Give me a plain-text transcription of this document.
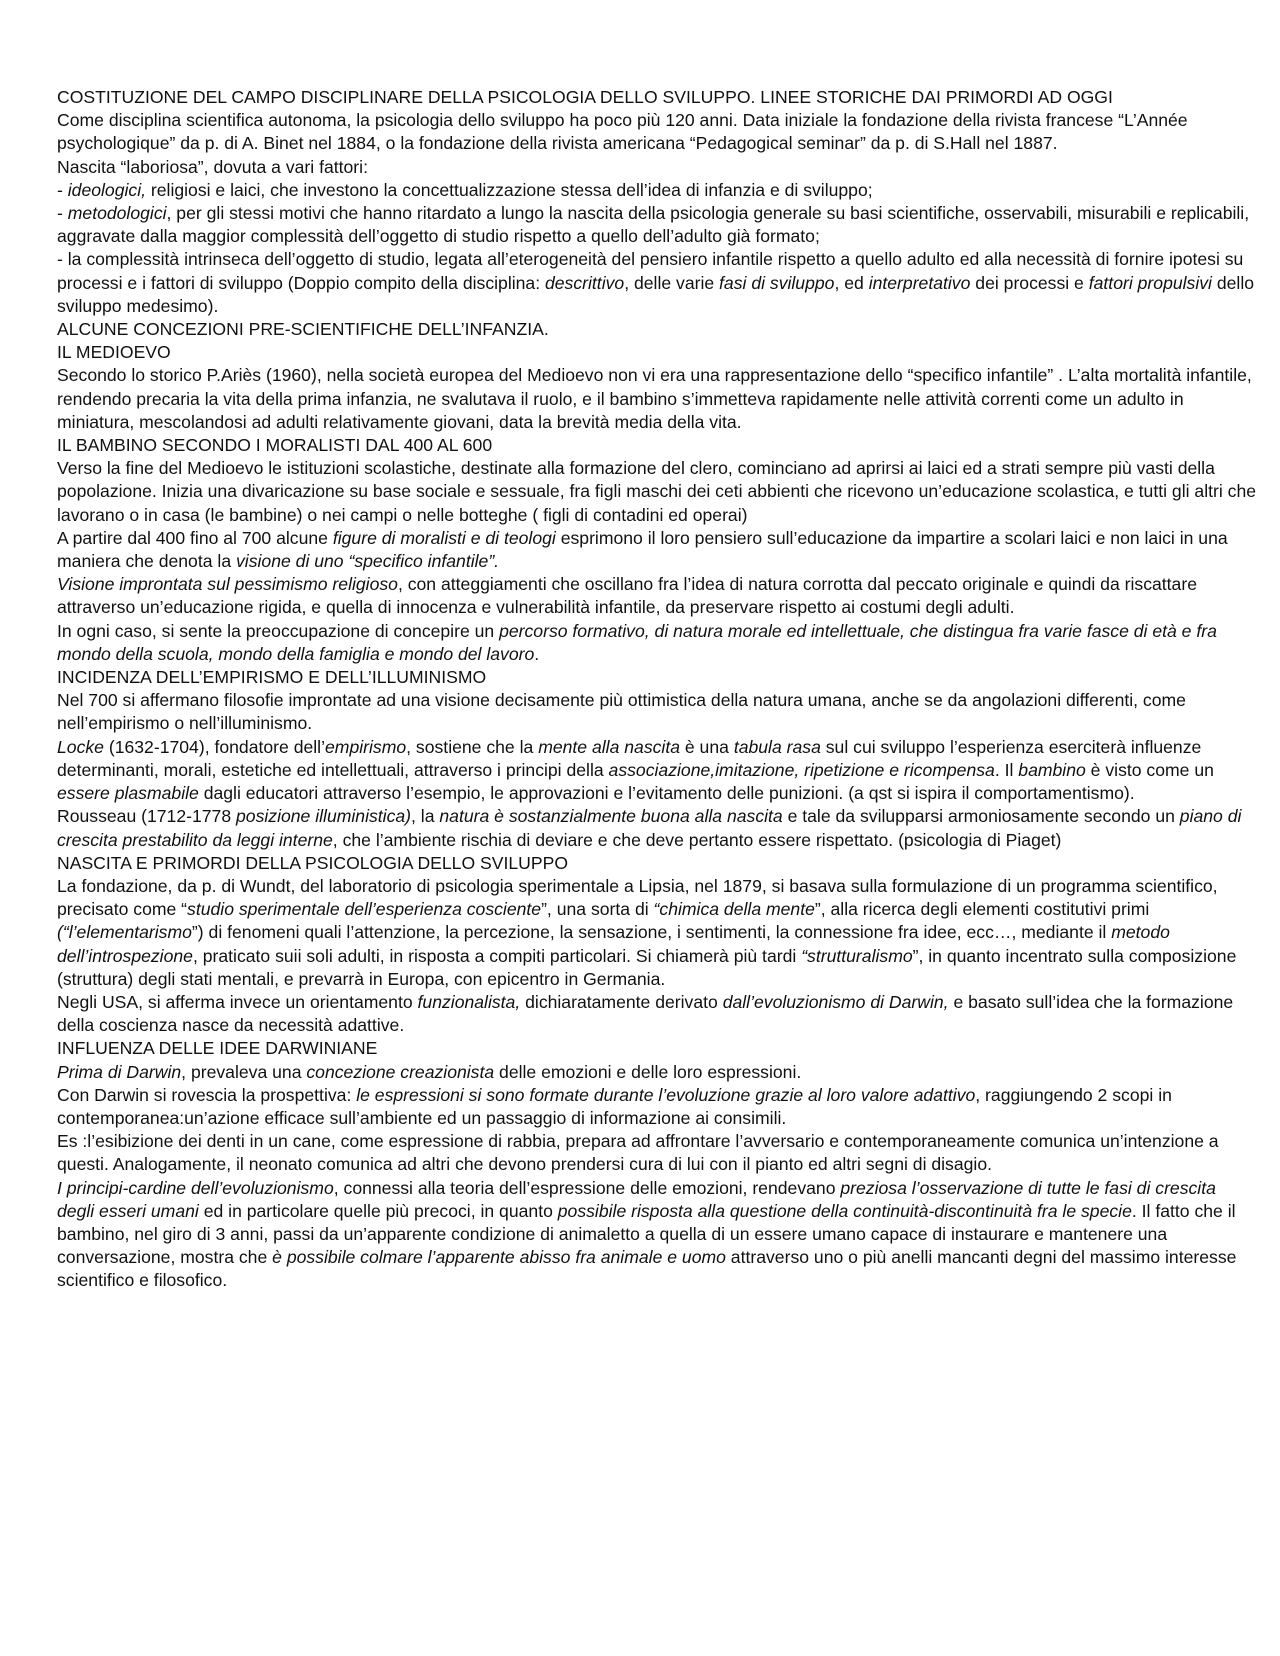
COSTITUZIONE DEL CAMPO DISCIPLINARE DELLA PSICOLOGIA DELLO SVILUPPO. LINEE STORICHE DAI PRIMORDI AD OGGI

Come disciplina scientifica autonoma, la psicologia dello sviluppo ha poco più 120 anni. Data iniziale la fondazione della rivista francese “L’Année psychologique” da p. di A. Binet nel 1884, o la fondazione della rivista americana “Pedagogical seminar” da p. di S.Hall nel 1887.

Nascita “laboriosa”, dovuta a vari fattori:

- ideologici, religiosi e laici, che investono la concettualizzazione stessa dell’idea di infanzia e di sviluppo;

- metodologici, per gli stessi motivi che hanno ritardato a lungo la nascita della psicologia generale su basi scientifiche, osservabili, misurabili e replicabili, aggravate dalla maggior complessità dell’oggetto di studio rispetto a quello dell’adulto già formato;

- la complessità intrinseca dell’oggetto di studio, legata all’eterogeneità del pensiero infantile rispetto a quello adulto ed alla necessità di fornire ipotesi su processi e i fattori di sviluppo (Doppio compito della disciplina: descrittivo, delle varie fasi di sviluppo, ed interpretativo dei processi e fattori propulsivi dello sviluppo medesimo).

ALCUNE CONCEZIONI PRE-SCIENTIFICHE DELL’INFANZIA.

IL MEDIOEVO

Secondo lo storico P.Ariès (1960), nella società europea del Medioevo non vi era una rappresentazione dello “specifico infantile” . L’alta mortalità infantile, rendendo precaria la vita della prima infanzia, ne svalutava il ruolo, e il bambino s’immetteva rapidamente nelle attività correnti come un adulto in miniatura, mescolandosi ad adulti relativamente giovani, data la brevità media della vita.

IL BAMBINO SECONDO I MORALISTI DAL 400 AL 600

Verso la fine del Medioevo le istituzioni scolastiche, destinate alla formazione del clero, cominciano ad aprirsi ai laici ed a strati sempre più vasti della popolazione. Inizia una divaricazione su base sociale e sessuale, fra figli maschi dei ceti abbienti che ricevono un’educazione scolastica, e tutti gli altri che lavorano o in casa (le bambine) o nei campi o nelle botteghe ( figli di contadini ed operai)

A partire dal 400 fino al 700 alcune figure di moralisti e di teologi esprimono il loro pensiero sull’educazione da impartire a scolari laici e non laici in una maniera che denota la visione di uno “specifico infantile”.

Visione improntata sul pessimismo religioso, con atteggiamenti che oscillano fra l’idea di natura corrotta dal peccato originale e quindi da riscattare attraverso un’educazione rigida, e quella di innocenza e vulnerabilità infantile, da preservare rispetto ai costumi degli adulti.

In ogni caso, si sente la preoccupazione di concepire un percorso formativo, di natura morale ed intellettuale, che distingua fra varie fasce di età e fra mondo della scuola, mondo della famiglia e mondo del lavoro.

INCIDENZA DELL’EMPIRISMO E DELL’ILLUMINISMO

Nel 700 si affermano filosofie improntate ad una visione decisamente più ottimistica della natura umana, anche se da angolazioni differenti, come nell’empirismo o nell’illuminismo.

Locke (1632-1704), fondatore dell’empirismo, sostiene che la mente alla nascita è una tabula rasa sul cui sviluppo l’esperienza eserciterà influenze determinanti, morali, estetiche ed intellettuali, attraverso i principi della associazione,imitazione, ripetizione e ricompensa. Il bambino è visto come un essere plasmabile dagli educatori attraverso l’esempio, le approvazioni e l’evitamento delle punizioni. (a qst si ispira il comportamentismo).

Rousseau (1712-1778 posizione illuministica), la natura è sostanzialmente buona alla nascita e tale da svilupparsi armoniosamente secondo un piano di crescita prestabilito da leggi interne, che l’ambiente rischia di deviare e che deve pertanto essere rispettato. (psicologia di Piaget)

NASCITA E PRIMORDI DELLA PSICOLOGIA DELLO SVILUPPO

La fondazione, da p. di Wundt, del laboratorio di psicologia sperimentale a Lipsia, nel 1879, si basava sulla formulazione di un programma scientifico, precisato come “studio sperimentale dell’esperienza cosciente”, una sorta di “chimica della mente”, alla ricerca degli elementi costitutivi primi (“l’elementarismo”) di fenomeni quali l’attenzione, la percezione, la sensazione, i sentimenti, la connessione fra idee, ecc…, mediante il metodo dell’introspezione, praticato suii soli adulti, in risposta a compiti particolari. Si chiamerà più tardi “strutturalismo”, in quanto incentrato sulla composizione (struttura) degli stati mentali, e prevarrà in Europa, con epicentro in Germania.

Negli USA, si afferma invece un orientamento funzionalista, dichiaratamente derivato dall’evoluzionismo di Darwin, e basato sull’idea che la formazione della coscienza nasce da necessità adattive.

INFLUENZA DELLE IDEE DARWINIANE

Prima di Darwin, prevaleva una concezione creazionista delle emozioni e delle loro espressioni.

Con Darwin si rovescia la prospettiva: le espressioni si sono formate durante l’evoluzione grazie al loro valore adattivo, raggiungendo 2 scopi in contemporanea:un’azione efficace sull’ambiente ed un passaggio di informazione ai consimili.

Es :l’esibizione dei denti in un cane, come espressione di rabbia, prepara ad affrontare l’avversario e contemporaneamente comunica un’intenzione a questi. Analogamente, il neonato comunica ad altri che devono prendersi cura di lui con il pianto ed altri segni di disagio.

I principi-cardine dell’evoluzionismo, connessi alla teoria dell’espressione delle emozioni, rendevano preziosa l’osservazione di tutte le fasi di crescita degli esseri umani ed in particolare quelle più precoci, in quanto possibile risposta alla questione della continuità-discontinuità fra le specie. Il fatto che il bambino, nel giro di 3 anni, passi da un’apparente condizione di animaletto a quella di un essere umano capace di instaurare e mantenere una conversazione, mostra che è possibile colmare l’apparente abisso fra animale e uomo attraverso uno o più anelli mancanti degni del massimo interesse scientifico e filosofico.
